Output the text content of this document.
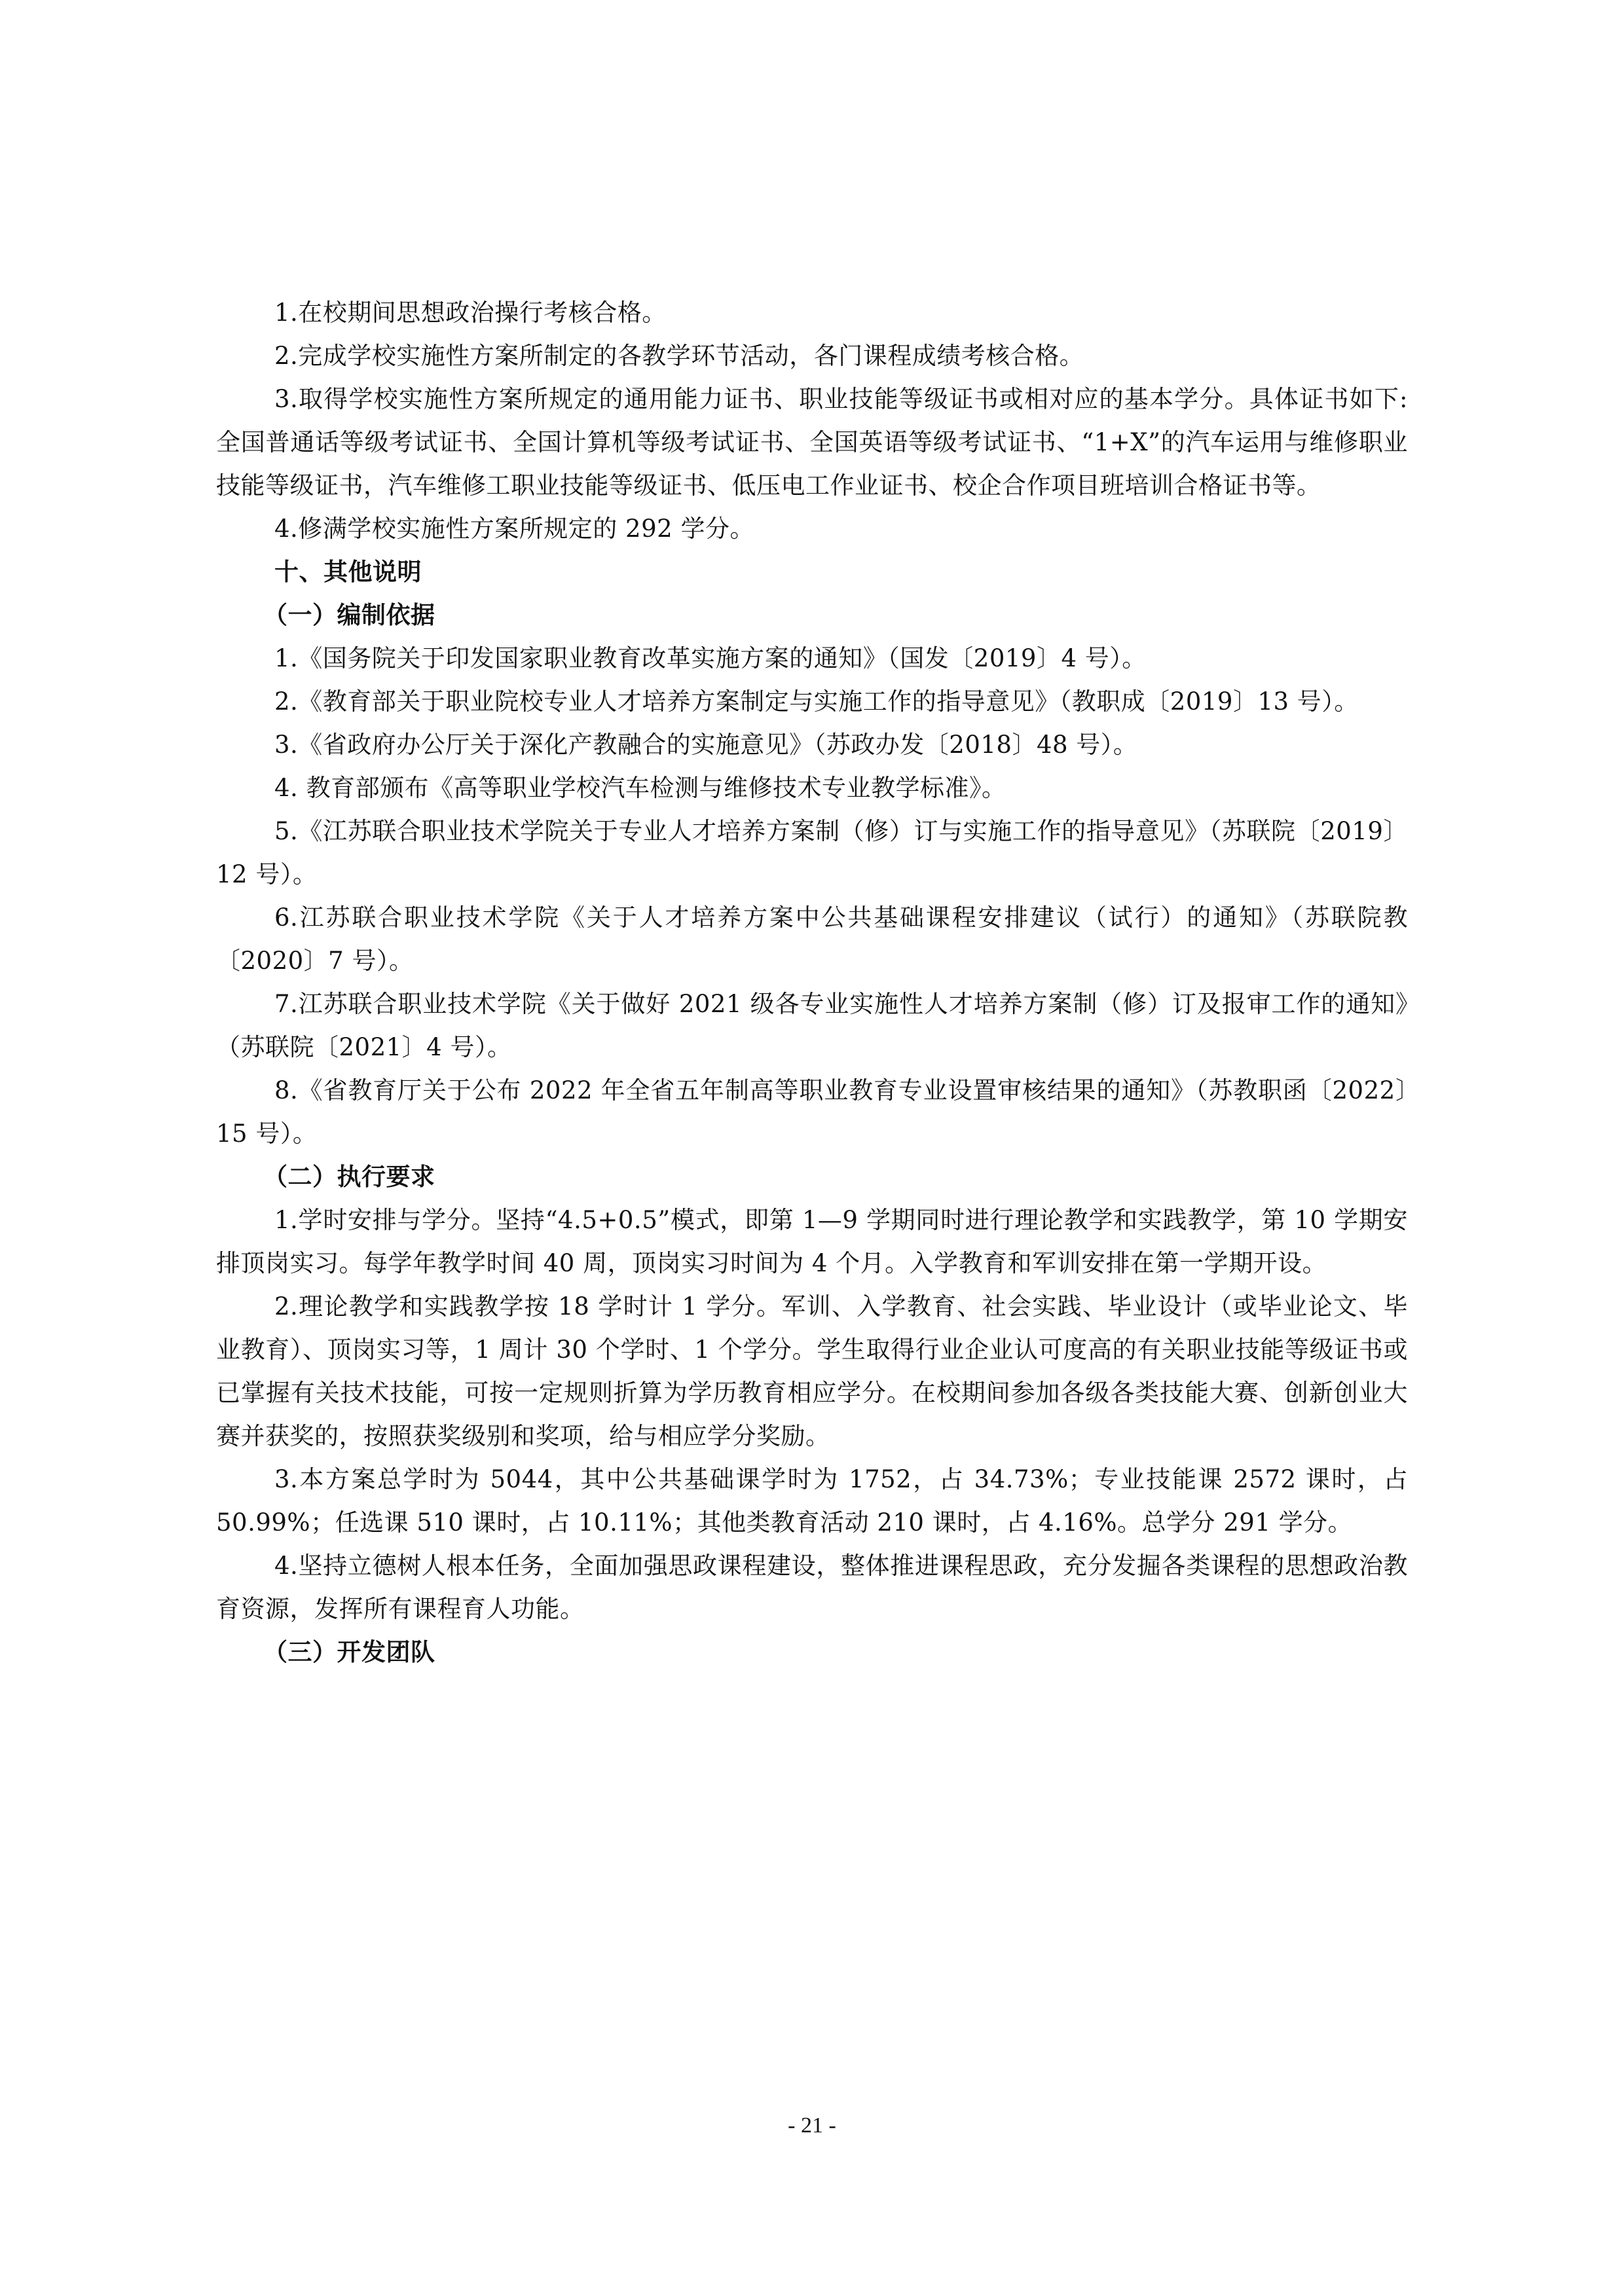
1.在校期间思想政治操行考核合格。

2.完成学校实施性方案所制定的各教学环节活动，各门课程成绩考核合格。

3.取得学校实施性方案所规定的通用能力证书、职业技能等级证书或相对应的基本学分。具体证书如下:全国普通话等级考试证书、全国计算机等级考试证书、全国英语等级考试证书、“1+X”的汽车运用与维修职业技能等级证书，汽车维修工职业技能等级证书、低压电工作业证书、校企合作项目班培训合格证书等。

4.修满学校实施性方案所规定的 292 学分。

十、其他说明

（一）编制依据

1.《国务院关于印发国家职业教育改革实施方案的通知》（国发〔2019〕4 号）。

2.《教育部关于职业院校专业人才培养方案制定与实施工作的指导意见》（教职成〔2019〕13 号）。

3.《省政府办公厅关于深化产教融合的实施意见》（苏政办发〔2018〕48 号）。

4. 教育部颁布《高等职业学校汽车检测与维修技术专业教学标准》。

5.《江苏联合职业技术学院关于专业人才培养方案制（修）订与实施工作的指导意见》（苏联院〔2019〕12 号）。

6.江苏联合职业技术学院《关于人才培养方案中公共基础课程安排建议（试行）的通知》（苏联院教〔2020〕7 号）。

7.江苏联合职业技术学院《关于做好 2021 级各专业实施性人才培养方案制（修）订及报审工作的通知》（苏联院〔2021〕4 号）。

8.《省教育厅关于公布 2022 年全省五年制高等职业教育专业设置审核结果的通知》（苏教职函〔2022〕15 号）。

（二）执行要求

1.学时安排与学分。坚持“4.5+0.5”模式，即第 1—9 学期同时进行理论教学和实践教学，第 10 学期安排顶岗实习。每学年教学时间 40 周，顶岗实习时间为 4 个月。入学教育和军训安排在第一学期开设。

2.理论教学和实践教学按 18 学时计 1 学分。军训、入学教育、社会实践、毕业设计（或毕业论文、毕业教育）、顶岗实习等，1 周计 30 个学时、1 个学分。学生取得行业企业认可度高的有关职业技能等级证书或已掌握有关技术技能，可按一定规则折算为学历教育相应学分。在校期间参加各级各类技能大赛、创新创业大赛并获奖的，按照获奖级别和奖项，给与相应学分奖励。

3.本方案总学时为 5044，其中公共基础课学时为 1752，占 34.73%；专业技能课 2572 课时，占 50.99%；任选课 510 课时，占 10.11%；其他类教育活动 210 课时，占 4.16%。总学分 291 学分。

4.坚持立德树人根本任务，全面加强思政课程建设，整体推进课程思政，充分发掘各类课程的思想政治教育资源，发挥所有课程育人功能。

（三）开发团队

- 21 -
